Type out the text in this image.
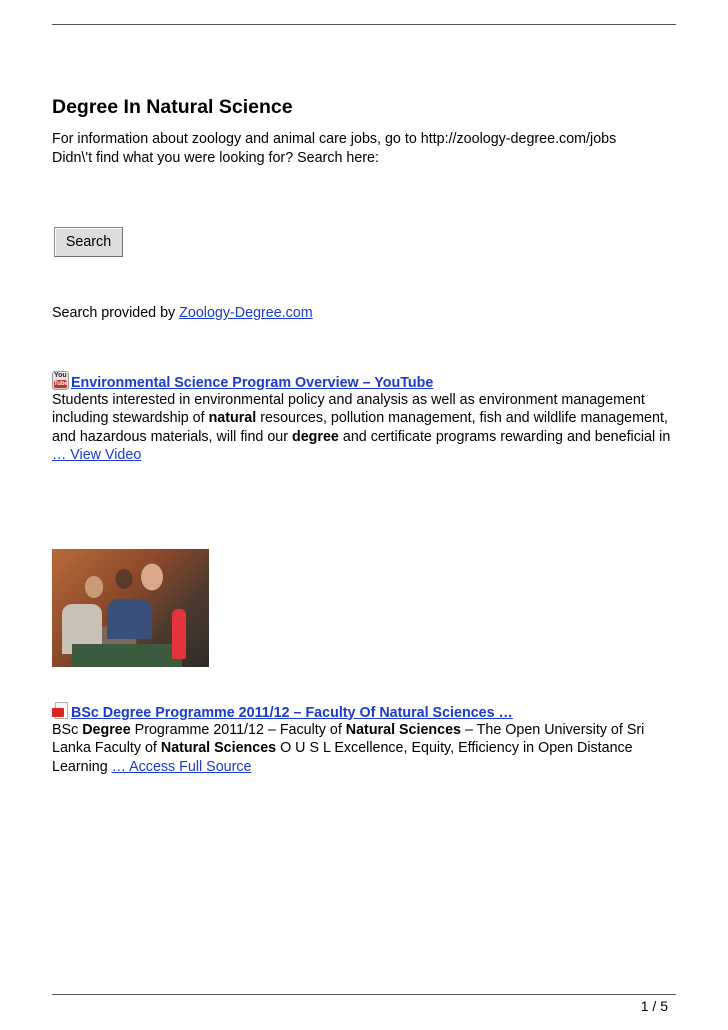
Degree In Natural Science

For information about zoology and animal care jobs, go to http://zoology-degree.com/jobs

Didn\'t find what you were looking for? Search here:

Search

Search provided by Zoology-Degree.com

You
Tube Environmental Science Program Overview – YouTube

Students interested in environmental policy and analysis as well as environment management including stewardship of natural resources, pollution management, fish and wildlife management, and hazardous materials, will find our degree and certificate programs rewarding and beneficial in … View Video

BSc Degree Programme 2011/12 – Faculty Of Natural Sciences …

BSc Degree Programme 2011/12 – Faculty of Natural Sciences – The Open University of Sri Lanka Faculty of Natural Sciences O U S L Excellence, Equity, Efficiency in Open Distance Learning … Access Full Source

1 / 5
